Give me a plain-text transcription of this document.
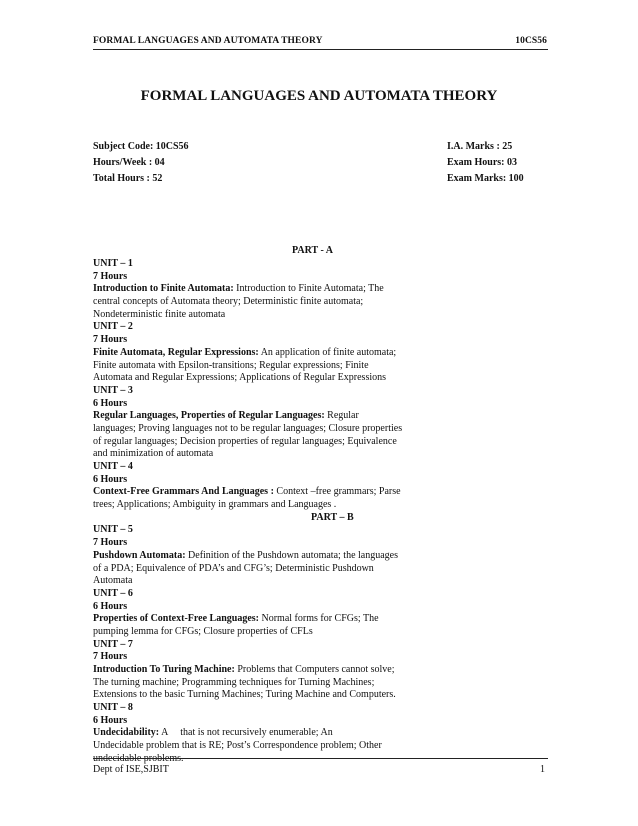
FORMAL LANGUAGES AND AUTOMATA THEORY	10CS56
FORMAL LANGUAGES AND AUTOMATA THEORY
Subject Code: 10CS56
Hours/Week : 04
Total Hours : 52
I.A. Marks : 25
Exam Hours: 03
Exam Marks: 100
PART - A
UNIT – 1
7 Hours
Introduction to Finite Automata: Introduction to Finite Automata; The
central concepts of Automata theory; Deterministic finite automata;
Nondeterministic finite automata
UNIT – 2
7 Hours
Finite Automata, Regular Expressions: An application of finite automata;
Finite automata with Epsilon-transitions; Regular expressions; Finite
Automata and Regular Expressions; Applications of Regular Expressions
UNIT – 3
6 Hours
Regular Languages, Properties of Regular Languages: Regular
languages; Proving languages not to be regular languages; Closure properties
of regular languages; Decision properties of regular languages; Equivalence
and minimization of automata
UNIT – 4
6 Hours
Context-Free Grammars And Languages : Context –free grammars; Parse
trees; Applications; Ambiguity in grammars and Languages .
PART – B
UNIT – 5
7 Hours
Pushdown Automata: Definition of the Pushdown automata; the languages
of a PDA; Equivalence of PDA’s and CFG’s; Deterministic Pushdown
Automata
UNIT – 6
6 Hours
Properties of Context-Free Languages: Normal forms for CFGs; The
pumping lemma for CFGs; Closure properties of CFLs
UNIT – 7
7 Hours
Introduction To Turing Machine: Problems that Computers cannot solve;
The turning machine; Programming techniques for Turning Machines;
Extensions to the basic Turning Machines; Turing Machine and Computers.
UNIT – 8
6 Hours
Undecidability: A     that is not recursively enumerable; An
Undecidable problem that is RE; Post’s Correspondence problem; Other
undecidable problems.
Dept of ISE,SJBIT	1
